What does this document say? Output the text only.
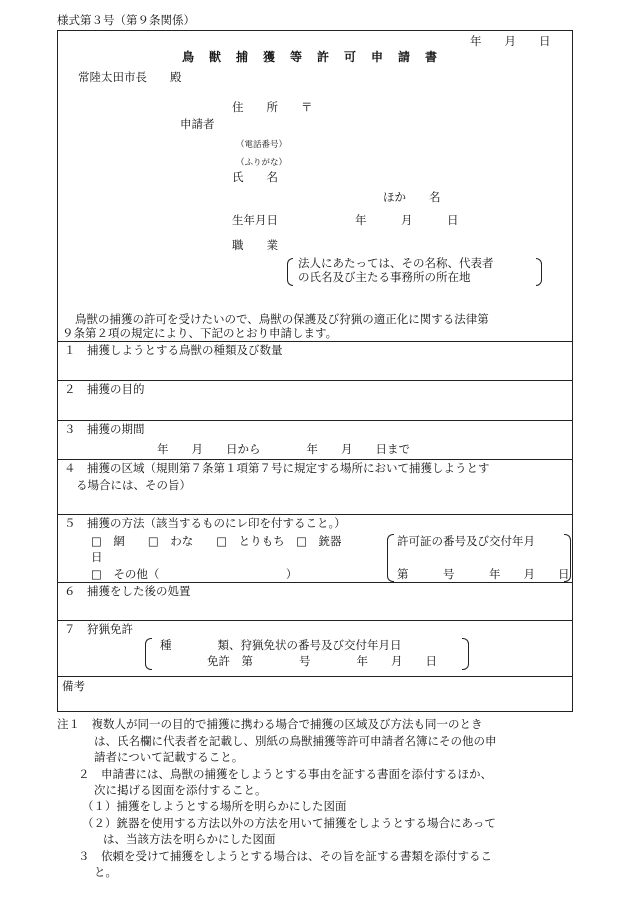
様式第３号（第９条関係）
年　　月　　日
鳥獣捕獲等許可申請書
常陸太田市長　　殿
申請者
住　　所　　〒
（電話番号）
（ふりがな）
氏　　名
ほか　　名
生年月日	年　　　月　　　日
職　　業
法人にあたっては、その名称、代表者
の氏名及び主たる事務所の所在地
鳥獣の捕獲の許可を受けたいので、鳥獣の保護及び狩猟の適正化に関する法律第
９条第２項の規定により、下記のとおり申請します。
１　捕獲しようとする鳥獣の種類及び数量
２　捕獲の目的
３　捕獲の期間
年　　月　　日から　　　　年　　月　　日まで
４　捕獲の区域（規則第７条第１項第７号に規定する場所において捕獲しようとす
る場合には、その旨）
５　捕獲の方法（該当するものにレ印を付すること。）
□　網　　□　わな　　□　とりもち　□　銃器
日
□　その他（　　　　　　　　　　　）
許可証の番号及び交付年月
第　　　号　　　年　　月　　日
６　捕獲をした後の処置
７　狩猟免許
種　　　　類、狩猟免状の番号及び交付年月日
免許　第　　　　号　　　　年　　月　　日
備考
注１　複数人が同一の目的で捕獲に携わる場合で捕獲の区域及び方法も同一のとき
は、氏名欄に代表者を記載し、別紙の鳥獣捕獲等許可申請者名簿にその他の申
請者について記載すること。
２　申請書には、鳥獣の捕獲をしようとする事由を証する書面を添付するほか、
次に掲げる図面を添付すること。
（１）捕獲をしようとする場所を明らかにした図面
（２）銃器を使用する方法以外の方法を用いて捕獲をしようとする場合にあって
は、当該方法を明らかにした図面
３　依頼を受けて捕獲をしようとする場合は、その旨を証する書類を添付するこ
と。
